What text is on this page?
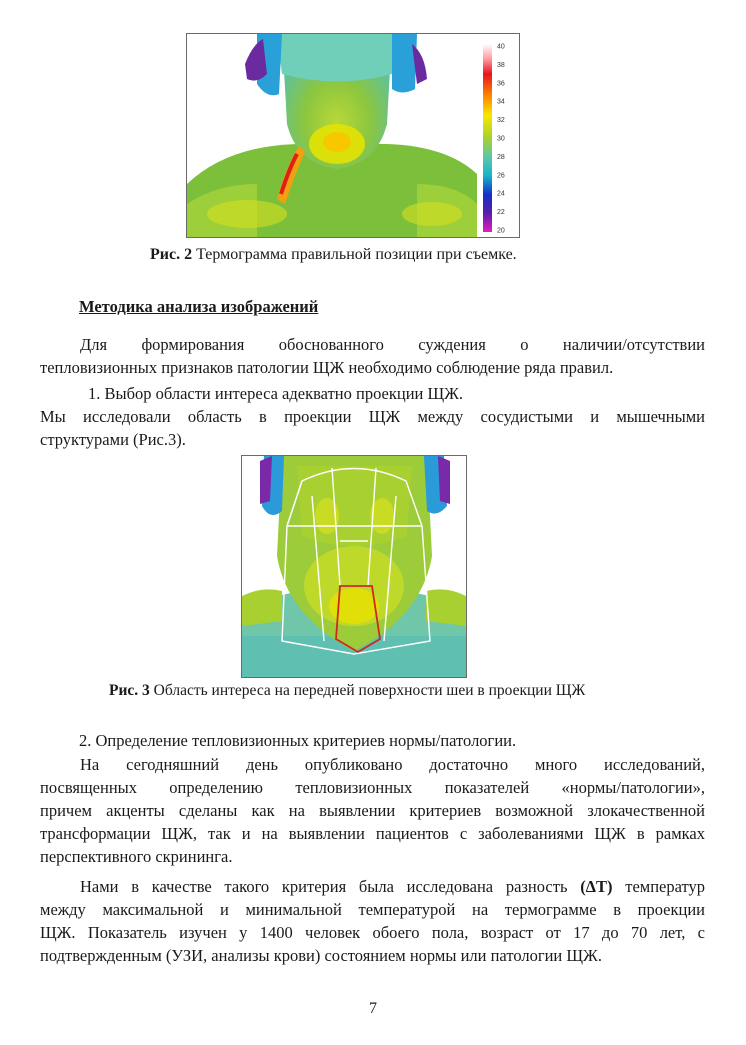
40
38
36
34
32
30
28
26
24
22
20
Рис. 2 Термограмма правильной позиции при съемке.
Методика анализа изображений
Для формирования обоснованного суждения о наличии/отсутствии
тепловизионных признаков патологии ЩЖ необходимо соблюдение ряда правил.
1. Выбор области интереса адекватно проекции ЩЖ.
Мы исследовали область в проекции ЩЖ между сосудистыми и мышечными
структурами (Рис.3).
Рис. 3 Область интереса на передней поверхности шеи в проекции ЩЖ
2. Определение тепловизионных критериев нормы/патологии.
На сегодняшний день опубликовано достаточно много исследований,
посвященных определению тепловизионных показателей «нормы/патологии»,
причем акценты сделаны как на выявлении критериев возможной злокачественной
трансформации ЩЖ, так и на выявлении пациентов с заболеваниями ЩЖ в рамках
перспективного скрининга.
Нами в качестве такого критерия была исследована разность (ΔT) температур
между максимальной и минимальной температурой на термограмме в проекции
ЩЖ. Показатель изучен у 1400 человек обоего пола, возраст от 17 до 70 лет, с
подтвержденным (УЗИ, анализы крови) состоянием нормы или патологии ЩЖ.
7
